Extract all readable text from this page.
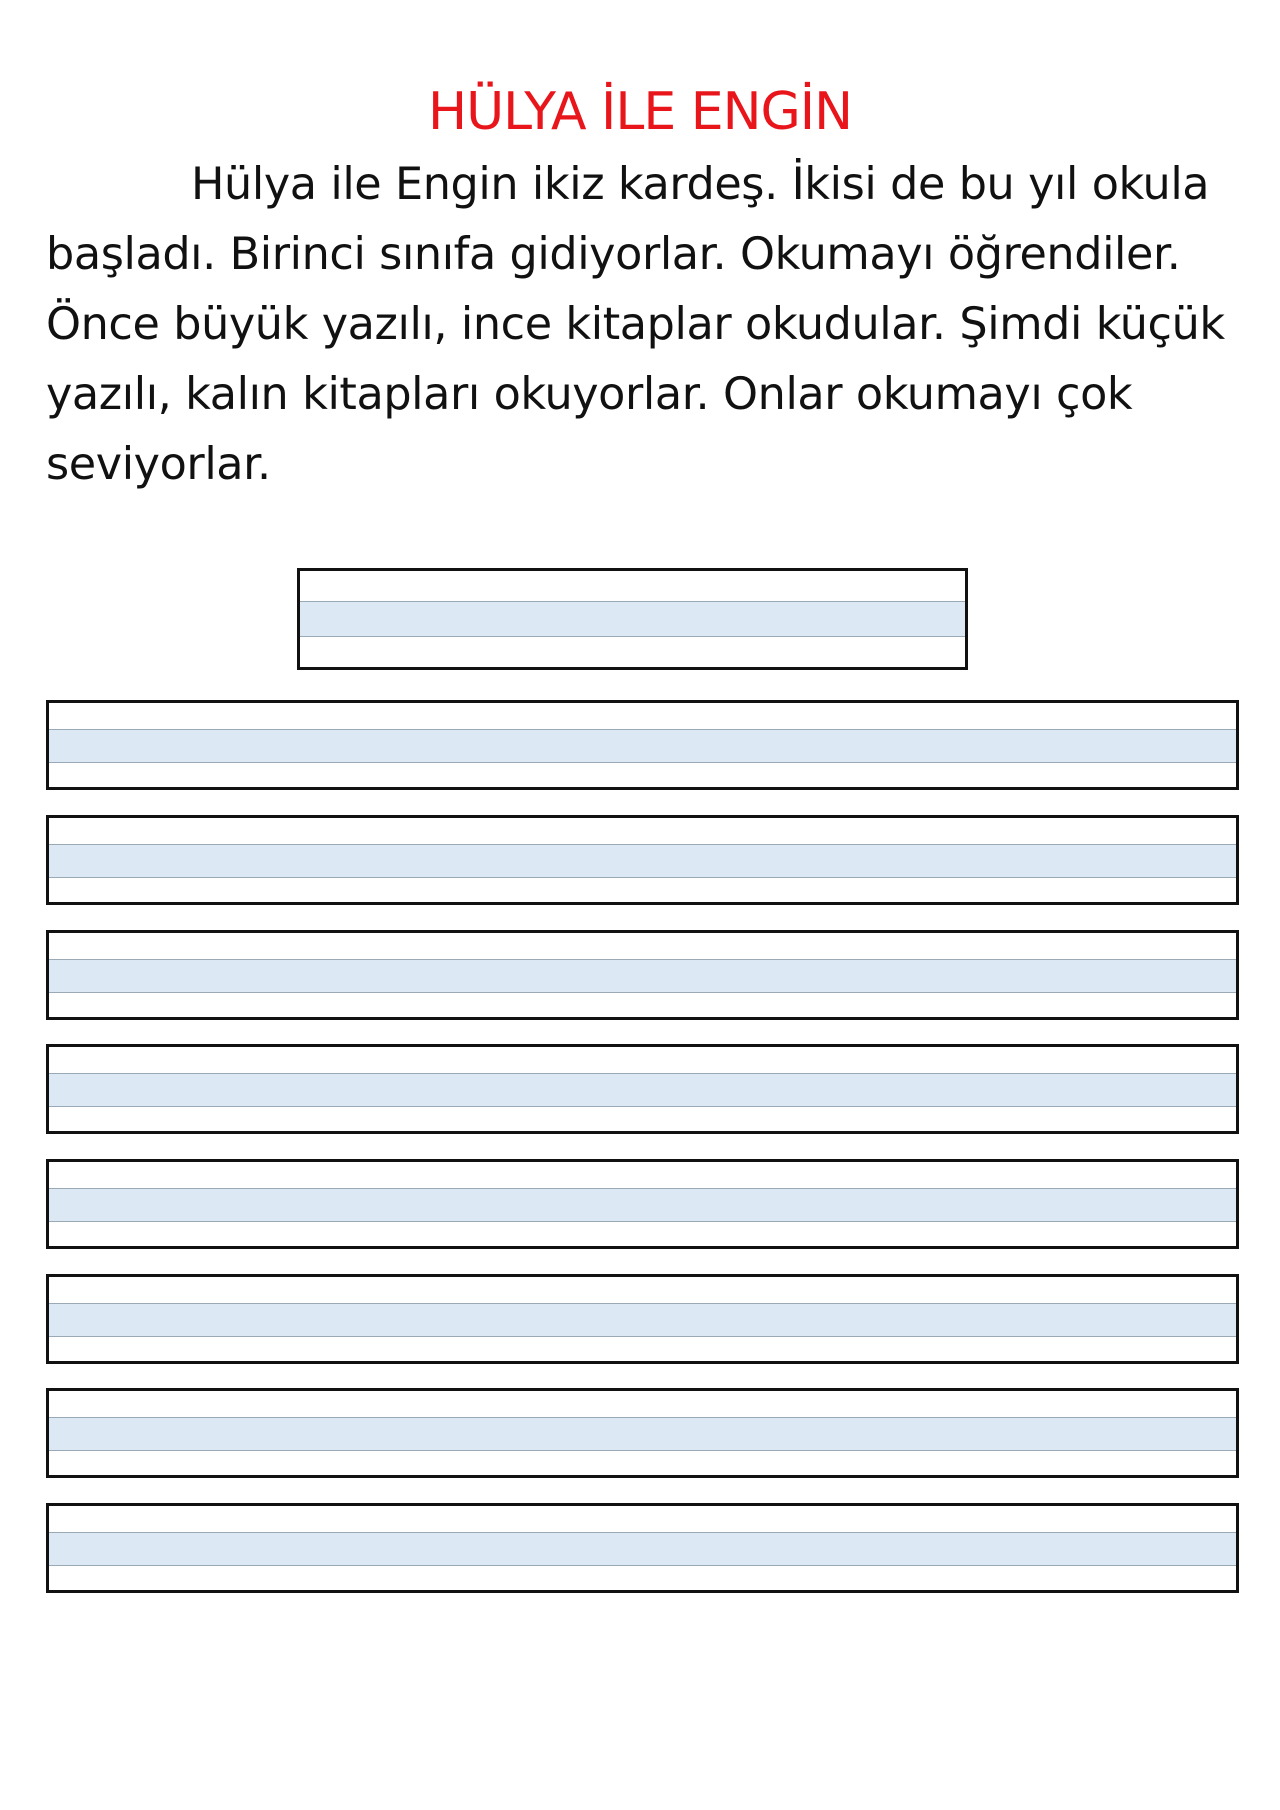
HÜLYA İLE ENGİN

Hülya ile Engin ikiz kardeş. İkisi de bu yıl okula başladı. Birinci sınıfa gidiyorlar. Okumayı öğrendiler. Önce büyük yazılı, ince kitaplar okudular. Şimdi küçük yazılı, kalın kitapları okuyorlar. Onlar okumayı çok seviyorlar.
